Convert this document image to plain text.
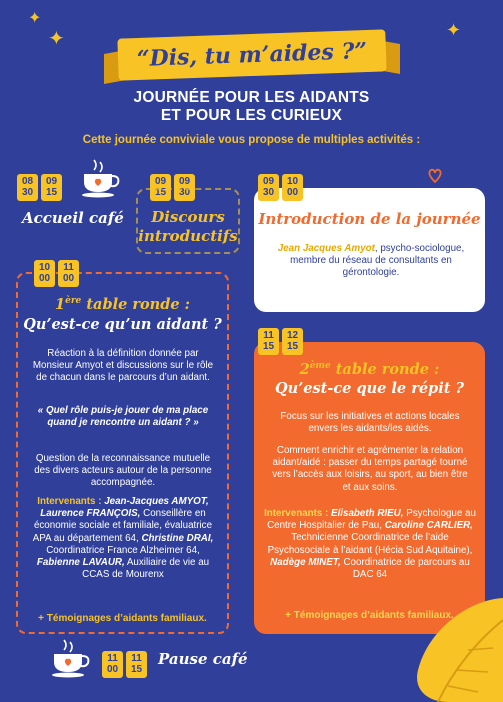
✦
✦	✦
“Dis, tu m’aides ?”
JOURNÉE POUR LES AIDANTS
ET POUR LES CURIEUX
Cette journée conviviale vous propose de multiples activités :
08
30
09
15
Accueil café
09
15
09
30
Discours
introductifs
09
30
10
00
Introduction de la journée
Jean Jacques Amyot, psycho-sociologue, membre du réseau de consultants en gérontologie.
10
00
11
00
1ère table ronde :
Qu’est-ce qu’un aidant ?
Réaction à la définition donnée par Monsieur Amyot et discussions sur le rôle de chacun dans le parcours d’un aidant.
« Quel rôle puis-je jouer de ma place quand je rencontre un aidant ? »
Question de la reconnaissance mutuelle des divers acteurs autour de la personne accompagnée.
Intervenants : Jean-Jacques AMYOT, Laurence FRANÇOIS, Conseillère en économie sociale et familiale, évaluatrice APA au département 64, Christine DRAI, Coordinatrice France Alzheimer 64, Fabienne LAVAUR, Auxiliaire de vie au CCAS de Mourenx
+ Témoignages d’aidants familiaux.
11
15
12
15
2ème table ronde :
Qu’est-ce que le répit ?
Focus sur les initiatives et actions locales envers les aidants/les aidés.
Comment enrichir et agrémenter la relation aidant/aidé : passer du temps partagé tourné vers l’accès aux loisirs, au sport, au bien être et aux soins.
Intervenants : Elisabeth RIEU, Psychologue au Centre Hospitalier de Pau, Caroline CARLIER, Technicienne Coordinatrice de l’aide Psychosociale à l’aidant (Hécia Sud Aquitaine), Nadège MINET, Coordinatrice de parcours au DAC 64
+ Témoignages d’aidants familiaux.
11
00
11
15
Pause café
